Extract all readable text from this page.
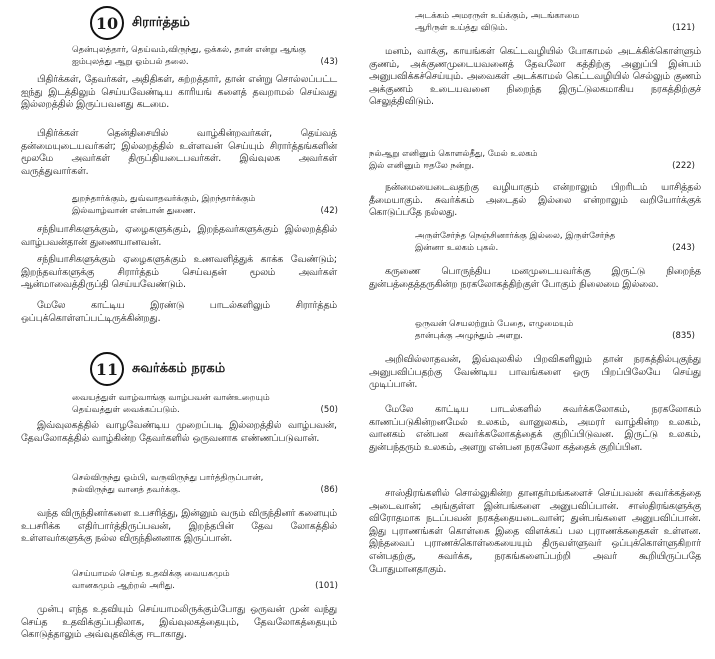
10	சிரார்த்தம்
தென்புலத்தார், தெய்வம்,விருந்து, ஒக்கல், தான் என்று ஆங்கு
ஐம்புலத்து ஆறு ஓம்பல் தலை.	(43)

பிதிர்க்கள், தேவர்கள், அதிதிகள், சுற்றத்தார், தான் என்று சொல்லப்பட்ட ஐந்து இடத்திலும் செய்யவேண்டிய காரியங் களைத் தவறாமல் செய்வது இல்லறத்தில் இருப்பவனது கடமை.

பிதிர்க்கள் தென்திசையில் வாழ்கின்றவர்கள், தெய்வத் தன்மையுடையவர்கள்; இல்லறத்தில் உள்ளவன் செய்யும் சிரார்த்தங்களின் மூலமே அவர்கள் திருப்தியடைபவர்கள். இவ்வுலக அவர்கள் வருத்துவார்கள்.

துறந்தார்க்கும், துவ்வாதவர்க்கும், இறந்தார்க்கும்
இல்வாழ்வான் என்பான் துணை.	(42)

சந்நியாசிகளுக்கும், ஏழைகளுக்கும், இறந்தவர்களுக்கும் இல்லறத்தில் வாழ்பவன்தான் துணையானவன்.

சந்நியாசிகளுக்கும் ஏழைகளுக்கும் உணவளித்துக் காக்க வேண்டும்; இறந்தவர்களுக்கு சிரார்த்தம் செய்வதன் மூலம் அவர்கள் ஆன்மாவைத்திருப்தி செய்யவேண்டும்.

மேலே காட்டிய இரண்டு பாடல்களிலும் சிரார்த்தம் ஒப்புக்கொள்ளப்பட்டிருக்கின்றது.

11	சுவர்க்கம் நரகம்
வையத்துள் வாழ்வாங்கு வாழ்பவன் வான்உறையும்
தெய்வத்துள் வைக்கப்படும்.	(50)

இவ்வுலகத்தில் வாழவேண்டிய முறைப்படி இல்லறத்தில் வாழ்பவன், தேவலோகத்தில் வாழ்கின்ற தேவர்களில் ஒருவனாக எண்ணப்படுவான்.

செல்விருந்து ஓம்பி, வருவிருந்து பார்த்திருப்பான்,
நல்விருந்து வானத் தவர்க்கு.	(86)

வந்த விருந்தினர்களை உபசரித்து, இன்னும் வரும் விருந்தினர் களையும் உபசரிக்க எதிர்பார்த்திருப்பவன், இறந்தபின் தேவ லோகத்தில் உள்ளவர்களுக்கு நல்ல விருந்தினனாக இருப்பான்.

செய்யாமல் செய்த உதவிக்கு வையகமும்
வானகமும் ஆற்றல் அரிது.	(101)

முன்பு எந்த உதவியும் செய்யாமலிருக்கும்போது ஒருவன் முன் வந்து செய்த உதவிக்குப்பதிலாக, இவ்வுலகத்தையும், தேவலோகத்தையும் கொடுத்தாலும் அவ்வுதவிக்கு ஈடாகாது.

அடக்கம் அமரருள் உய்க்கும், அடங்காமை
ஆரிருள் உய்த்து விடும்.	(121)

மனம், வாக்கு, காயங்கள் கெட்டவழியில் போகாமல் அடக்கிக்கொள்ளும் குணம், அக்குணமுடையவனைத் தேவலோ கத்திற்கு அனுப்பி இன்பம் அனுபவிக்கச்செய்யும். அவைகள் அடக்காமல் கெட்டவழியில் செல்லும் குணம் அக்குணம் உடையவனை நிறைந்த இருட்டுலகமாகிய நரகத்திற்குச் செலுத்திவிடும்.

நல்ஆறு எனினும் கொளல்தீது, மேல் உலகம்
இல் எனினும் ஈதலே நன்று.	(222)

நன்மையைடைவதற்கு வழியாகும் என்றாலும் பிறரிடம் யாசித்தல் தீமையாகும். சுவர்க்கம் அடைதல் இல்லை என்றாலும் வறியோர்க்குக் கொடுப்பதே நல்லது.

அருள்சேர்ந்த நெஞ்சினார்க்கு இல்லை, இருள்சேர்ந்த
இன்னா உலகம் புகல்.	(243)

கருணை பொருந்திய மனமுடையவர்க்கு இருட்டு நிறைந்த துன்பத்தைத்தருகின்ற நரகலோகத்திற்குள் போகும் நிலைமை இல்லை.

ஒருவன் செயலற்றும் பேதை, எழுமையும்
தான்புக்கு அழுந்தும் அளறு.	(835)

அறிவில்லாதவன், இவ்வுலகில் பிறவிகளிலும் தான் நரகத்தில்புகுந்து அனுபவிப்பதற்கு வேண்டிய பாவங்களை ஒரு பிறப்பிலேயே செய்து முடிப்பான்.

மேலே காட்டிய பாடல்களில் சுவர்க்கலோகம், நரகலோகம் காணப்படுகின்றனமேல் உலகம், வானுலகம், அமரர் வாழ்கின்ற உலகம், வானகம் என்பன சுவர்க்கலோகத்தைக் குறிப்பிடுவன. இருட்டு உலகம், துன்பந்தரும் உலகம், அளறு என்பன நரகலோ கத்தைக் குறிப்பின.

சாஸ்திரங்களில் சொல்லுகின்ற தானதர்மங்களைச் செய்பவன் சுவர்க்கத்தை அடைவான்; அங்குள்ள இன்பங்களை அனுபவிப்பான். சாஸ்திரங்களுக்கு விரோதமாக நடப்பவன் நரகத்தையடைவான்; துன்பங்களை அனுபவிப்பான். இது புராணங்கள் கொள்கை இதை விளக்கப் பல புராணக்கதைகள் உள்ளன. இந்தவைப் புராணக்கொள்கையையும் திருவள்ளுவர் ஒப்புக்கொள்ளுகிறார் என்பதற்கு, சுவர்க்க, நரகங்களைப்பற்றி அவர் கூறியிருப்பதே போதுமானதாகும்.
